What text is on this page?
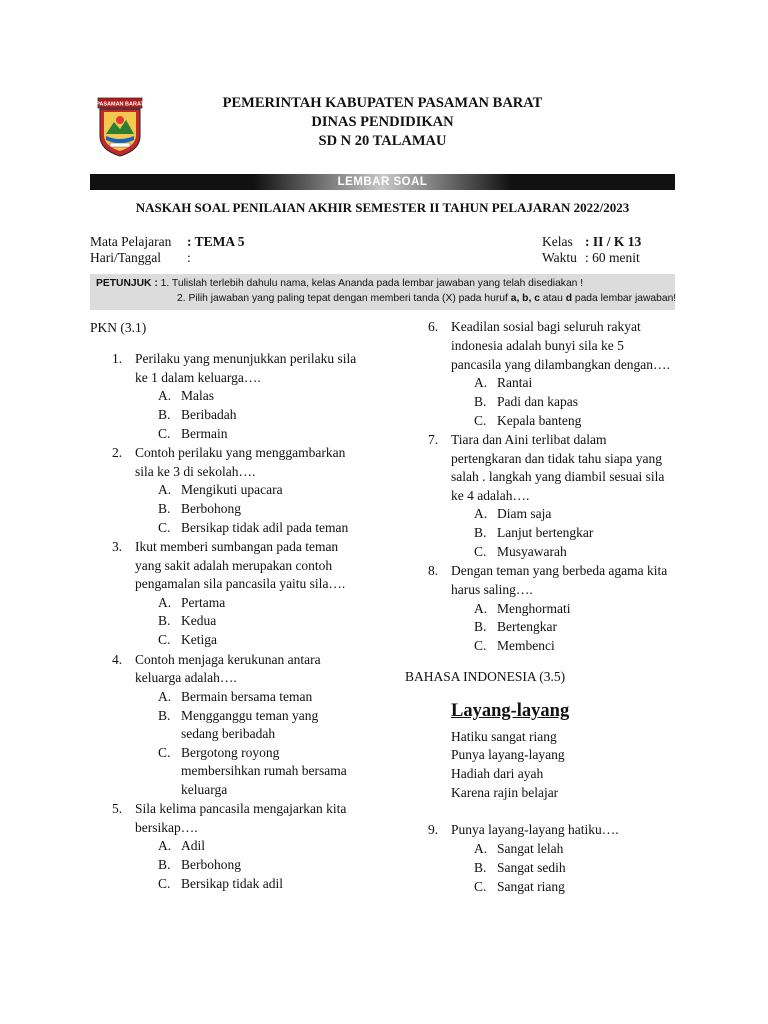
PASAMAN BARAT	PEMERINTAH KABUPATEN PASAMAN BARAT
DINAS PENDIDIKAN
SD N 20 TALAMAU
LEMBAR SOAL
NASKAH SOAL PENILAIAN AKHIR SEMESTER II TAHUN PELAJARAN 2022/2023
Mata Pelajaran : TEMA 5
Hari/Tanggal :
Kelas : II / K 13
Waktu : 60 menit
PETUNJUK : 1. Tulislah terlebih dahulu nama, kelas Ananda pada lembar jawaban yang telah disediakan !
2. Pilih jawaban yang paling tepat dengan memberi tanda (X) pada huruf a, b, c atau d pada lembar jawaban!
PKN (3.1)
1. Perilaku yang menunjukkan perilaku sila
ke 1 dalam keluarga….
A. Malas
B. Beribadah
C. Bermain
2. Contoh perilaku yang menggambarkan
sila ke 3 di sekolah….
A. Mengikuti upacara
B. Berbohong
C. Bersikap tidak adil pada teman
3. Ikut memberi sumbangan pada teman
yang sakit adalah merupakan contoh
pengamalan sila pancasila yaitu sila….
A. Pertama
B. Kedua
C. Ketiga
4. Contoh menjaga kerukunan antara
keluarga adalah….
A. Bermain bersama teman
B. Mengganggu teman yang
sedang beribadah
C. Bergotong royong
membersihkan rumah bersama
keluarga
5. Sila kelima pancasila mengajarkan kita
bersikap….
A. Adil
B. Berbohong
C. Bersikap tidak adil
6. Keadilan sosial bagi seluruh rakyat
indonesia adalah bunyi sila ke 5
pancasila yang dilambangkan dengan….
A. Rantai
B. Padi dan kapas
C. Kepala banteng
7. Tiara dan Aini terlibat dalam
pertengkaran dan tidak tahu siapa yang
salah . langkah yang diambil sesuai sila
ke 4 adalah….
A. Diam saja
B. Lanjut bertengkar
C. Musyawarah
8. Dengan teman yang berbeda agama kita
harus saling….
A. Menghormati
B. Bertengkar
C. Membenci
BAHASA INDONESIA (3.5)
Layang-layang
Hatiku sangat riang
Punya layang-layang
Hadiah dari ayah
Karena rajin belajar
9. Punya layang-layang hatiku….
A. Sangat lelah
B. Sangat sedih
C. Sangat riang
